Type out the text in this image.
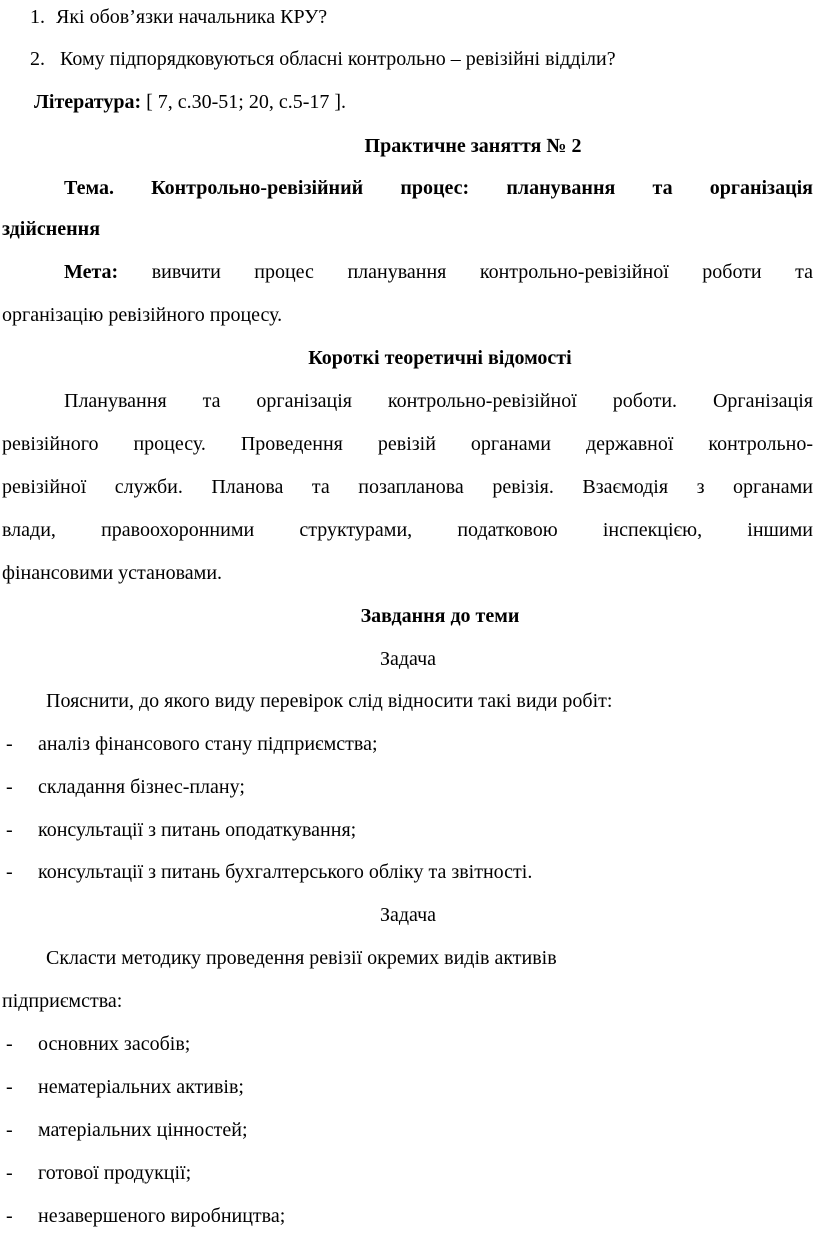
1. Які обов’язки начальника КРУ?
2. Кому підпорядковуються обласні контрольно – ревізійні відділи?
Література: [ 7, с.30-51; 20, с.5-17 ].
Практичне заняття № 2
Тема. Контрольно-ревізійний процес: планування та організація
здійснення
Мета: вивчити процес планування контрольно-ревізійної роботи та
організацію ревізійного процесу.
Короткі теоретичні відомості
Планування та організація контрольно-ревізійної роботи. Організація
ревізійного процесу. Проведення ревізій органами державної контрольно-
ревізійної служби. Планова та позапланова ревізія. Взаємодія з органами
влади, правоохоронними структурами, податковою інспекцією, іншими
фінансовими установами.
Завдання до теми
Задача
Пояснити, до якого виду перевірок слід відносити такі види робіт:
- аналіз фінансового стану підприємства;
- складання бізнес-плану;
- консультації з питань оподаткування;
- консультації з питань бухгалтерського обліку та звітності.
Задача
Скласти методику проведення ревізії окремих видів активів
підприємства:
- основних засобів;
- нематеріальних активів;
- матеріальних цінностей;
- готової продукції;
- незавершеного виробництва;
